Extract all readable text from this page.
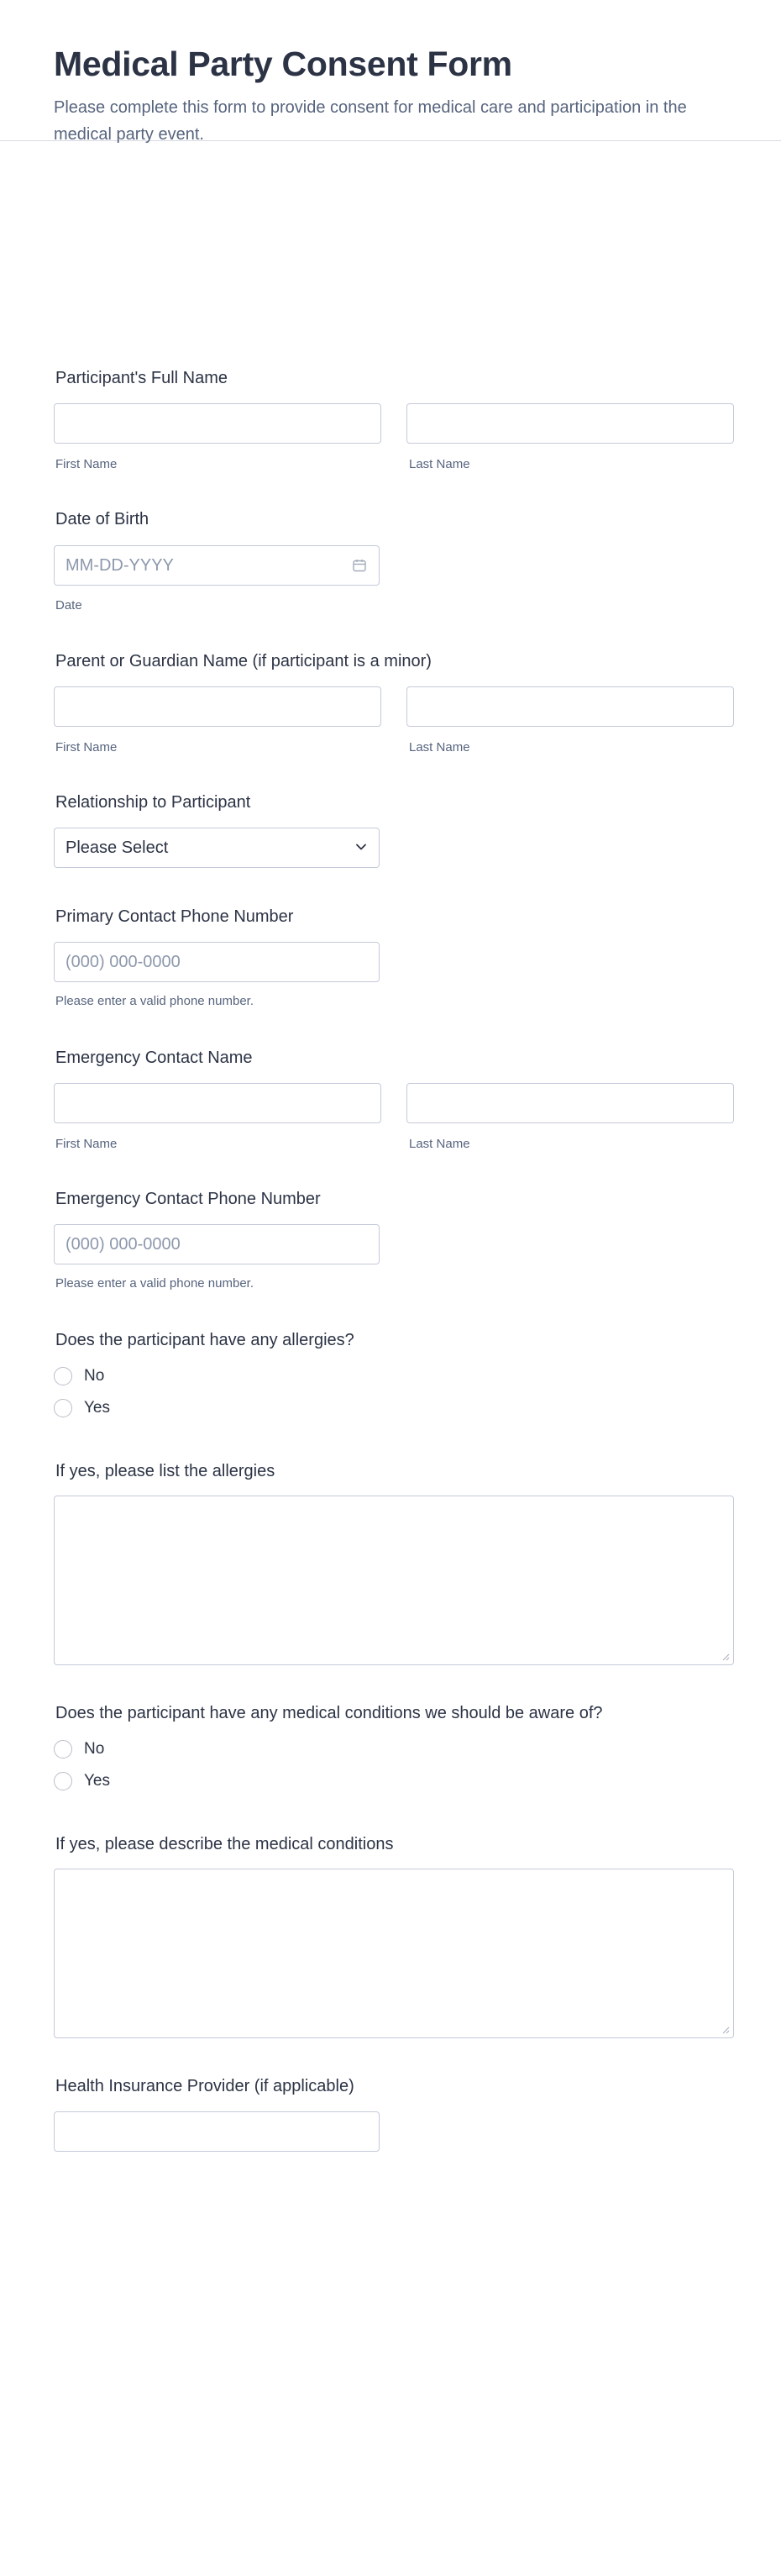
Medical Party Consent Form
Please complete this form to provide consent for medical care and participation in the medical party event.
Participant's Full Name
First Name	Last Name
Date of Birth
MM-DD-YYYY
Date
Parent or Guardian Name (if participant is a minor)
First Name	Last Name
Relationship to Participant
Please Select
Primary Contact Phone Number
(000) 000-0000
Please enter a valid phone number.
Emergency Contact Name
First Name	Last Name
Emergency Contact Phone Number
(000) 000-0000
Please enter a valid phone number.
Does the participant have any allergies?
No
Yes
If yes, please list the allergies
Does the participant have any medical conditions we should be aware of?
No
Yes
If yes, please describe the medical conditions
Health Insurance Provider (if applicable)
